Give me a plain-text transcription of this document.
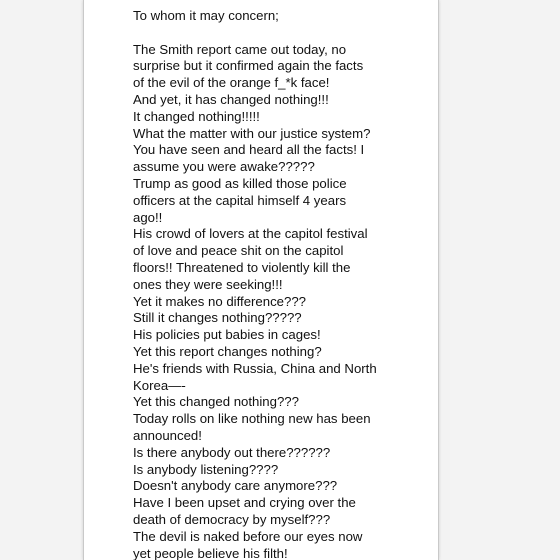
To whom it may concern;
The Smith report came out today, no
surprise but it confirmed again the facts
of the evil of the orange f_*k face!
And yet, it has changed nothing!!!
It changed nothing!!!!!
What the matter with our justice system?
You have seen and heard all the facts! I
assume you were awake?????
Trump as good as killed those police
officers at the capital himself 4 years
ago!!
His crowd of lovers at the capitol festival
of love and peace shit on the capitol
floors!! Threatened to violently kill the
ones they were seeking!!!
Yet it makes no difference???
Still it changes nothing?????
His policies put babies in cages!
Yet this report changes nothing?
He's friends with Russia, China and North
Korea—-
Yet this changed nothing???
Today rolls on like nothing new has been
announced!
Is there anybody out there??????
Is anybody listening????
Doesn't anybody care anymore???
Have I been upset and crying over the
death of democracy by myself???
The devil is naked before our eyes now
yet people believe his filth!
